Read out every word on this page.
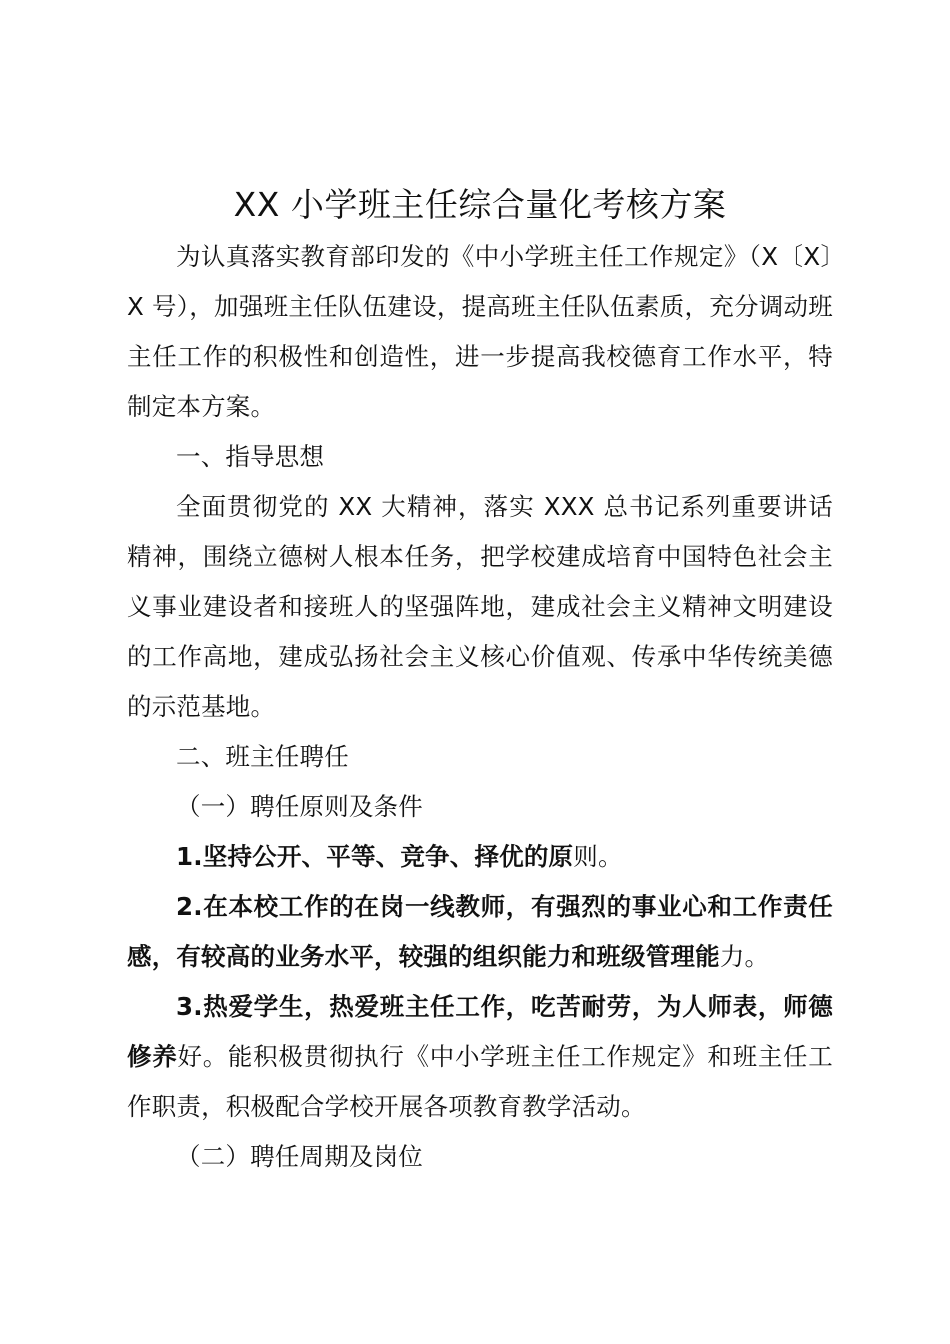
XX 小学班主任综合量化考核方案

为认真落实教育部印发的《中小学班主任工作规定》（X〔X〕X 号），加强班主任队伍建设，提高班主任队伍素质，充分调动班主任工作的积极性和创造性，进一步提高我校德育工作水平，特制定本方案。

一、指导思想

全面贯彻党的 XX 大精神，落实 XXX 总书记系列重要讲话精神，围绕立德树人根本任务，把学校建成培育中国特色社会主义事业建设者和接班人的坚强阵地，建成社会主义精神文明建设的工作高地，建成弘扬社会主义核心价值观、传承中华传统美德的示范基地。

二、班主任聘任

（一）聘任原则及条件

1.坚持公开、平等、竞争、择优的原则。

2.在本校工作的在岗一线教师，有强烈的事业心和工作责任感，有较高的业务水平，较强的组织能力和班级管理能力。

3.热爱学生，热爱班主任工作，吃苦耐劳，为人师表，师德修养好。能积极贯彻执行《中小学班主任工作规定》和班主任工作职责，积极配合学校开展各项教育教学活动。

（二）聘任周期及岗位
